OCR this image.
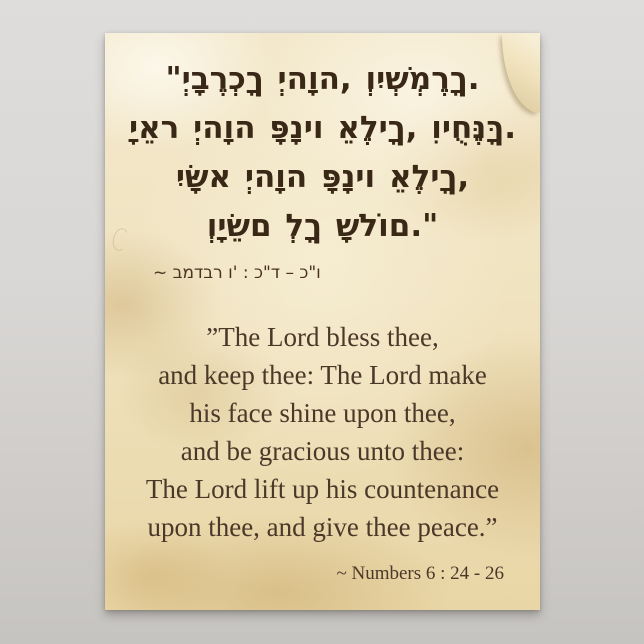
"יְבָרֶכְךָ יְהוָה, וְיִשְׁמְרֶךָ.
יָאֵר יְהוָה פָּנָיו אֵלֶיךָ, וִיחֻנֶּךָּ.
יִשָּׂא יְהוָה פָּנָיו אֵלֶיךָ,
וְיָשֵׂם לְךָ שָׁלוֹם."
~ במדבר ו' : כ"ד – כ"ו
”The Lord bless thee,
and keep thee: The Lord make
his face shine upon thee,
and be gracious unto thee:
The Lord lift up his countenance
upon thee, and give thee peace.”
~ Numbers 6 : 24 - 26
